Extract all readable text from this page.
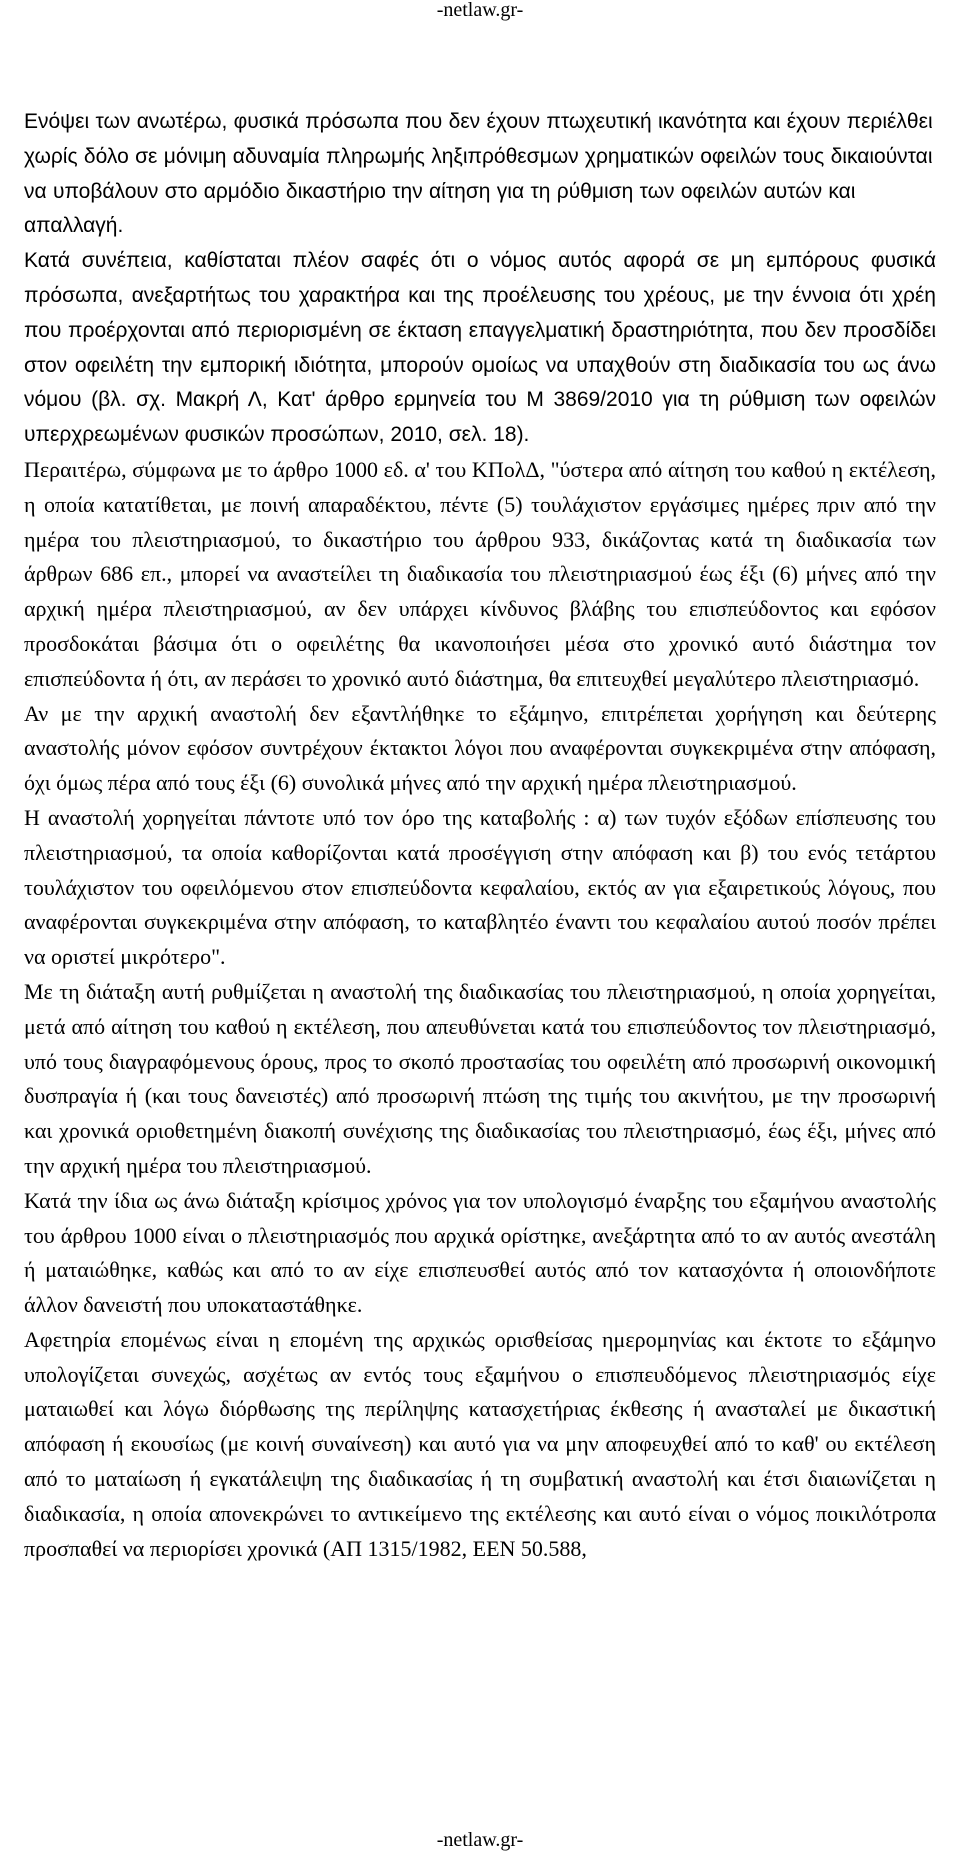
-netlaw.gr-

Ενόψει των ανωτέρω, φυσικά πρόσωπα που δεν έχουν πτωχευτική ικανότητα και έχουν περιέλθει χωρίς δόλο σε μόνιμη αδυναμία πληρωμής ληξιπρόθεσμων χρηματικών οφειλών τους δικαιούνται να υποβάλουν στο αρμόδιο δικαστήριο την αίτηση για τη ρύθμιση των οφειλών αυτών και απαλλαγή.

Κατά συνέπεια, καθίσταται πλέον σαφές ότι ο νόμος αυτός αφορά σε μη εμπόρους φυσικά πρόσωπα, ανεξαρτήτως του χαρακτήρα και της προέλευσης του χρέους, με την έννοια ότι χρέη που προέρχονται από περιορισμένη σε έκταση επαγγελματική δραστηριότητα, που δεν προσδίδει στον οφειλέτη την εμπορική ιδιότητα, μπορούν ομοίως να υπαχθούν στη διαδικασία του ως άνω νόμου (βλ. σχ. Μακρή Λ, Κατ' άρθρο ερμηνεία του Μ 3869/2010 για τη ρύθμιση των οφειλών υπερχρεωμένων φυσικών προσώπων, 2010, σελ. 18).

Περαιτέρω, σύμφωνα με το άρθρο 1000 εδ. α' του ΚΠολΔ, "ύστερα από αίτηση του καθού η εκτέλεση, η οποία κατατίθεται, με ποινή απαραδέκτου, πέντε (5) τουλάχιστον εργάσιμες ημέρες πριν από την ημέρα του πλειστηριασμού, το δικαστήριο του άρθρου 933, δικάζοντας κατά τη διαδικασία των άρθρων 686 επ., μπορεί να αναστείλει τη διαδικασία του πλειστηριασμού έως έξι (6) μήνες από την αρχική ημέρα πλειστηριασμού, αν δεν υπάρχει κίνδυνος βλάβης του επισπεύδοντος και εφόσον προσδοκάται βάσιμα ότι ο οφειλέτης θα ικανοποιήσει μέσα στο χρονικό αυτό διάστημα τον επισπεύδοντα ή ότι, αν περάσει το χρονικό αυτό διάστημα, θα επιτευχθεί μεγαλύτερο πλειστηριασμό.

Αν με την αρχική αναστολή δεν εξαντλήθηκε το εξάμηνο, επιτρέπεται χορήγηση και δεύτερης αναστολής μόνον εφόσον συντρέχουν έκτακτοι λόγοι που αναφέρονται συγκεκριμένα στην απόφαση, όχι όμως πέρα από τους έξι (6) συνολικά μήνες από την αρχική ημέρα πλειστηριασμού.

Η αναστολή χορηγείται πάντοτε υπό τον όρο της καταβολής : α) των τυχόν εξόδων επίσπευσης του πλειστηριασμού, τα οποία καθορίζονται κατά προσέγγιση στην απόφαση και β) του ενός τετάρτου τουλάχιστον του οφειλόμενου στον επισπεύδοντα κεφαλαίου, εκτός αν για εξαιρετικούς λόγους, που αναφέρονται συγκεκριμένα στην απόφαση, το καταβλητέο έναντι του κεφαλαίου αυτού ποσόν πρέπει να οριστεί μικρότερο".

Με τη διάταξη αυτή ρυθμίζεται η αναστολή της διαδικασίας του πλειστηριασμού, η οποία χορηγείται, μετά από αίτηση του καθού η εκτέλεση, που απευθύνεται κατά του επισπεύδοντος τον πλειστηριασμό, υπό τους διαγραφόμενους όρους, προς το σκοπό προστασίας του οφειλέτη από προσωρινή οικονομική δυσπραγία ή (και τους δανειστές) από προσωρινή πτώση της τιμής του ακινήτου, με την προσωρινή και χρονικά οριοθετημένη διακοπή συνέχισης της διαδικασίας του πλειστηριασμό, έως έξι, μήνες από την αρχική ημέρα του πλειστηριασμού.

Κατά την ίδια ως άνω διάταξη κρίσιμος χρόνος για τον υπολογισμό έναρξης του εξαμήνου αναστολής του άρθρου 1000 είναι ο πλειστηριασμός που αρχικά ορίστηκε, ανεξάρτητα από το αν αυτός ανεστάλη ή ματαιώθηκε, καθώς και από το αν είχε επισπευσθεί αυτός από τον κατασχόντα ή οποιονδήποτε άλλον δανειστή που υποκαταστάθηκε.

Αφετηρία επομένως είναι η επομένη της αρχικώς ορισθείσας ημερομηνίας και έκτοτε το εξάμηνο υπολογίζεται συνεχώς, ασχέτως αν εντός τους εξαμήνου ο επισπευδόμενος πλειστηριασμός είχε ματαιωθεί και λόγω διόρθωσης της περίληψης κατασχετήριας έκθεσης ή ανασταλεί με δικαστική απόφαση ή εκουσίως (με κοινή συναίνεση) και αυτό για να μην αποφευχθεί από το καθ' ου εκτέλεση από το ματαίωση ή εγκατάλειψη της διαδικασίας ή τη συμβατική αναστολή και έτσι διαιωνίζεται η διαδικασία, η οποία απονεκρώνει το αντικείμενο της εκτέλεσης και αυτό είναι ο νόμος ποικιλότροπα προσπαθεί να περιορίσει χρονικά (ΑΠ 1315/1982, ΕΕΝ 50.588,

-netlaw.gr-
